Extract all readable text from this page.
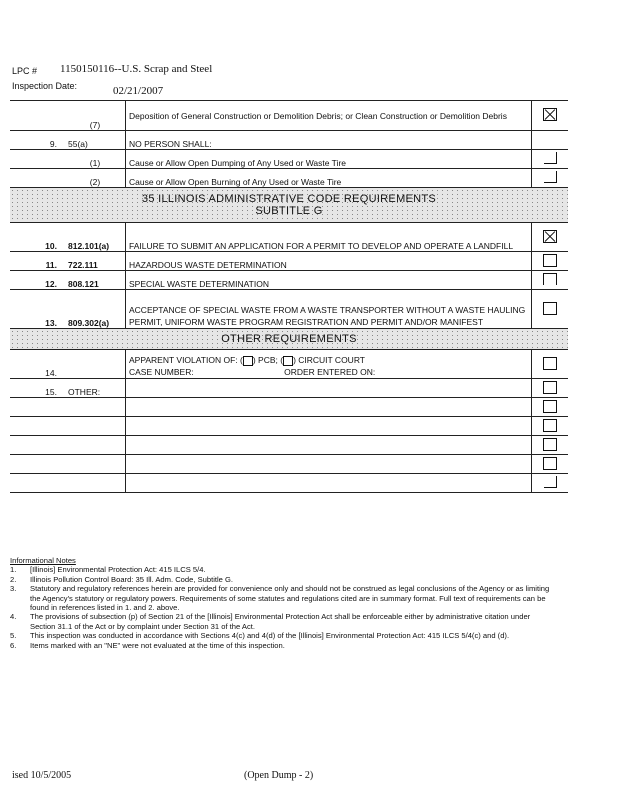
LPC # 1150150116--U.S. Scrap and Steel
Inspection Date:	02/21/2007
	(7)	Deposition of General Construction or Demolition Debris; or Clean Construction or Demolition Debris	
9.	55(a)	NO PERSON SHALL:	
	(1)	Cause or Allow Open Dumping of Any Used or Waste Tire	
	(2)	Cause or Allow Open Burning of Any Used or Waste Tire	

35 ILLINOIS ADMINISTRATIVE CODE REQUIREMENTS
SUBTITLE G			

10.	812.101(a)	FAILURE TO SUBMIT AN APPLICATION FOR A PERMIT TO DEVELOP AND OPERATE A LANDFILL	
11.	722.111	HAZARDOUS WASTE DETERMINATION	
12.	808.121	SPECIAL WASTE DETERMINATION	
13.	809.302(a)	ACCEPTANCE OF SPECIAL WASTE FROM A WASTE TRANSPORTER WITHOUT A WASTE HAULING PERMIT, UNIFORM WASTE PROGRAM REGISTRATION AND PERMIT AND/OR MANIFEST	
OTHER REQUIREMENTS			
14.		APPARENT VIOLATION OF: ( ) PCB; ( ) CIRCUIT COURT
CASE NUMBER: ORDER ENTERED ON:	

15.	OTHER:		

Informational Notes
1.	[Illinois] Environmental Protection Act: 415 ILCS 5/4.
2.	Illinois Pollution Control Board: 35 Ill. Adm. Code, Subtitle G.
3.	Statutory and regulatory references herein are provided for convenience only and should not be construed as legal conclusions of the Agency or as limiting the Agency's statutory or regulatory powers. Requirements of some statutes and regulations cited are in summary format. Full text of requirements can be found in references listed in 1. and 2. above.
4.	The provisions of subsection (p) of Section 21 of the [Illinois] Environmental Protection Act shall be enforceable either by administrative citation under Section 31.1 of the Act or by complaint under Section 31 of the Act.
5.	This inspection was conducted in accordance with Sections 4(c) and 4(d) of the [Illinois] Environmental Protection Act: 415 ILCS 5/4(c) and (d).
6.	Items marked with an "NE" were not evaluated at the time of this inspection.
ised 10/5/2005	(Open Dump - 2)
